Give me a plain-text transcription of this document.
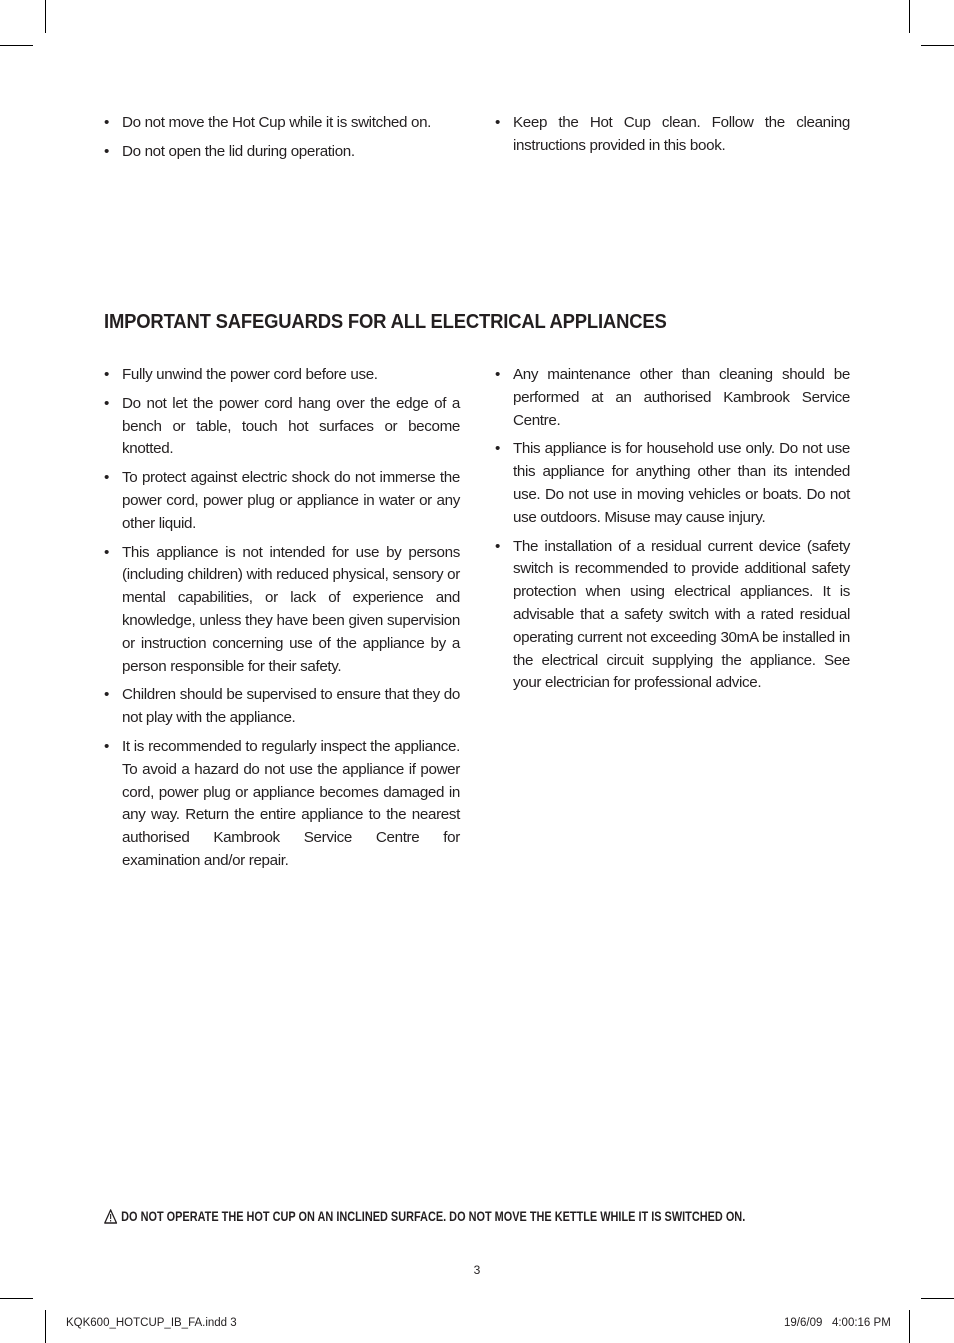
• Do not move the Hot Cup while it is switched on.
• Do not open the lid during operation.
• Keep the Hot Cup clean. Follow the cleaning instructions provided in this book.
IMPORTANT SAFEGUARDS FOR ALL ELECTRICAL APPLIANCES
• Fully unwind the power cord before use.
• Do not let the power cord hang over the edge of a bench or table, touch hot surfaces or become knotted.
• To protect against electric shock do not immerse the power cord, power plug or appliance in water or any other liquid.
• This appliance is not intended for use by persons (including children) with reduced physical, sensory or mental capabilities, or lack of experience and knowledge, unless they have been given supervision or instruction concerning use of the appliance by a person responsible for their safety.
• Children should be supervised to ensure that they do not play with the appliance.
• It is recommended to regularly inspect the appliance. To avoid a hazard do not use the appliance if power cord, power plug or appliance becomes damaged in any way. Return the entire appliance to the nearest authorised Kambrook Service Centre for examination and/or repair.
• Any maintenance other than cleaning should be performed at an authorised Kambrook Service Centre.
• This appliance is for household use only. Do not use this appliance for anything other than its intended use. Do not use in moving vehicles or boats. Do not use outdoors. Misuse may cause injury.
• The installation of a residual current device (safety switch is recommended to provide additional safety protection when using electrical appliances. It is advisable that a safety switch with a rated residual operating current not exceeding 30mA be installed in the electrical circuit supplying the appliance. See your electrician for professional advice.
DO NOT OPERATE THE HOT CUP ON AN INCLINED SURFACE. DO NOT MOVE THE KETTLE WHILE IT IS SWITCHED ON.
3
KQK600_HOTCUP_IB_FA.indd 3	19/6/09   4:00:16 PM
